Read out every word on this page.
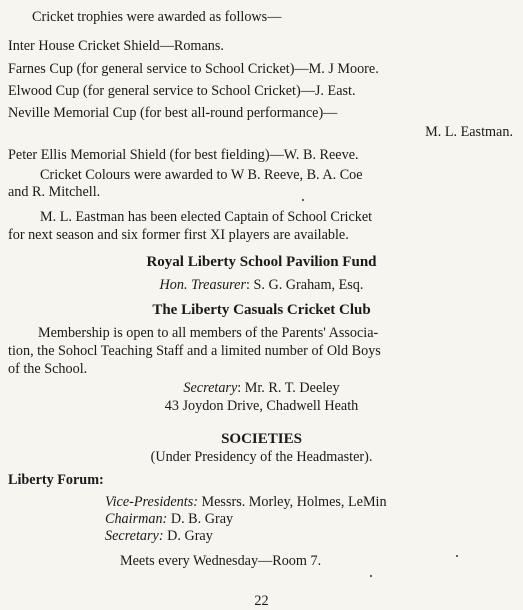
Cricket trophies were awarded as follows—
Inter House Cricket Shield—Romans.
Farnes Cup (for general service to School Cricket)—M. J Moore.
Elwood Cup (for general service to School Cricket)—J. East.
Neville Memorial Cup (for best all-round performance)—
M. L. Eastman.
Peter Ellis Memorial Shield (for best fielding)—W. B. Reeve.
Cricket Colours were awarded to W B. Reeve, B. A. Coe
and R. Mitchell.
M. L. Eastman has been elected Captain of School Cricket
for next season and six former first XI players are available.
Royal Liberty School Pavilion Fund
Hon. Treasurer: S. G. Graham, Esq.
The Liberty Casuals Cricket Club
Membership is open to all members of the Parents' Associa-
tion, the Sohocl Teaching Staff and a limited number of Old Boys
of the School.
Secretary: Mr. R. T. Deeley
43 Joydon Drive, Chadwell Heath
SOCIETIES
(Under Presidency of the Headmaster).
Liberty Forum:
Vice-Presidents: Messrs. Morley, Holmes, LeMin
Chairman: D. B. Gray
Secretary: D. Gray
Meets every Wednesday—Room 7.
22
